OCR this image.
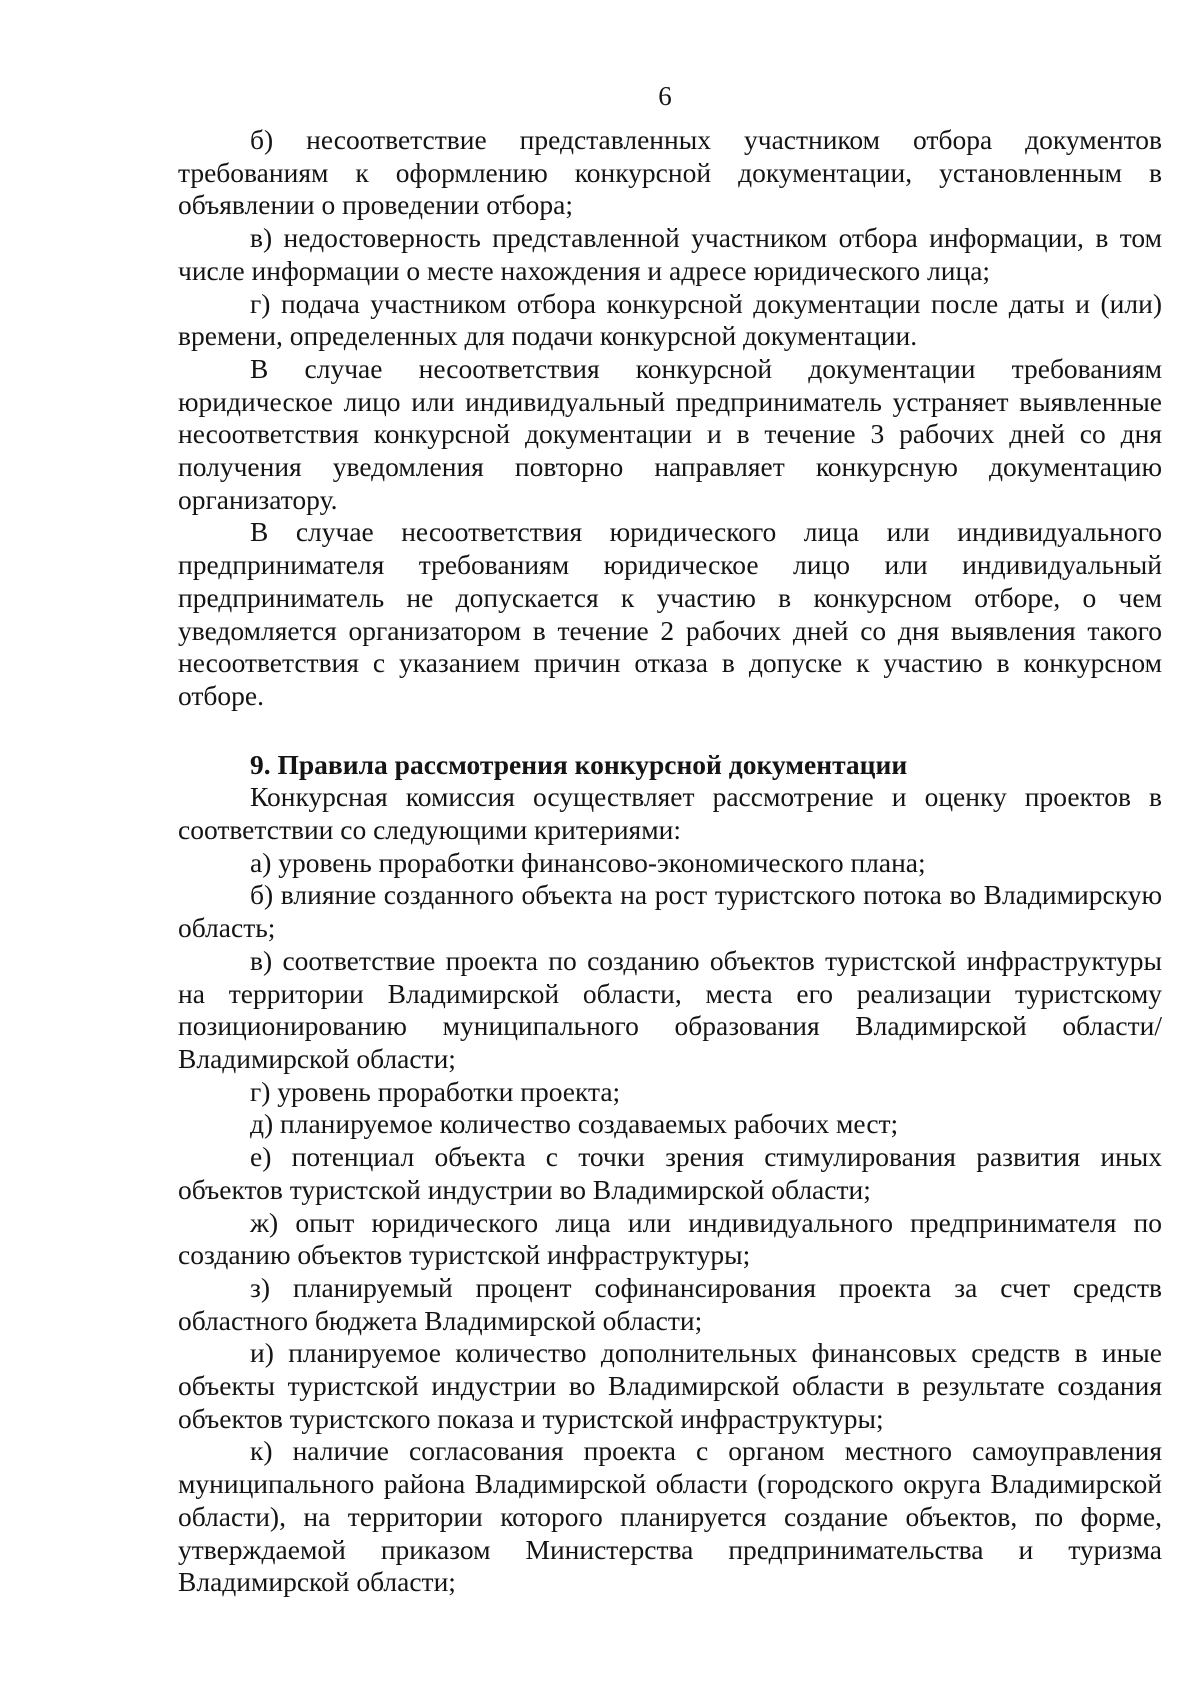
6

б) несоответствие представленных участником отбора документов требованиям к оформлению конкурсной документации, установленным в объявлении о проведении отбора;

в) недостоверность представленной участником отбора информации, в том числе информации о месте нахождения и адресе юридического лица;

г) подача участником отбора конкурсной документации после даты и (или) времени, определенных для подачи конкурсной документации.

В случае несоответствия конкурсной документации требованиям юридическое лицо или индивидуальный предприниматель устраняет выявленные несоответствия конкурсной документации и в течение 3 рабочих дней со дня получения уведомления повторно направляет конкурсную документацию организатору.

В случае несоответствия юридического лица или индивидуального предпринимателя требованиям юридическое лицо или индивидуальный предприниматель не допускается к участию в конкурсном отборе, о чем уведомляется организатором в течение 2 рабочих дней со дня выявления такого несоответствия с указанием причин отказа в допуске к участию в конкурсном отборе.

9. Правила рассмотрения конкурсной документации

Конкурсная комиссия осуществляет рассмотрение и оценку проектов в соответствии со следующими критериями:

а) уровень проработки финансово-экономического плана;

б) влияние созданного объекта на рост туристского потока во Владимирскую область;

в) соответствие проекта по созданию объектов туристской инфраструктуры на территории Владимирской области, места его реализации туристскому позиционированию муниципального образования Владимирской области/Владимирской области;

г) уровень проработки проекта;

д) планируемое количество создаваемых рабочих мест;

е) потенциал объекта с точки зрения стимулирования развития иных объектов туристской индустрии во Владимирской области;

ж) опыт юридического лица или индивидуального предпринимателя по созданию объектов туристской инфраструктуры;

з) планируемый процент софинансирования проекта за счет средств областного бюджета Владимирской области;

и) планируемое количество дополнительных финансовых средств в иные объекты туристской индустрии во Владимирской области в результате создания объектов туристского показа и туристской инфраструктуры;

к) наличие согласования проекта с органом местного самоуправления муниципального района Владимирской области (городского округа Владимирской области), на территории которого планируется создание объектов, по форме, утверждаемой приказом Министерства предпринимательства и туризма Владимирской области;
